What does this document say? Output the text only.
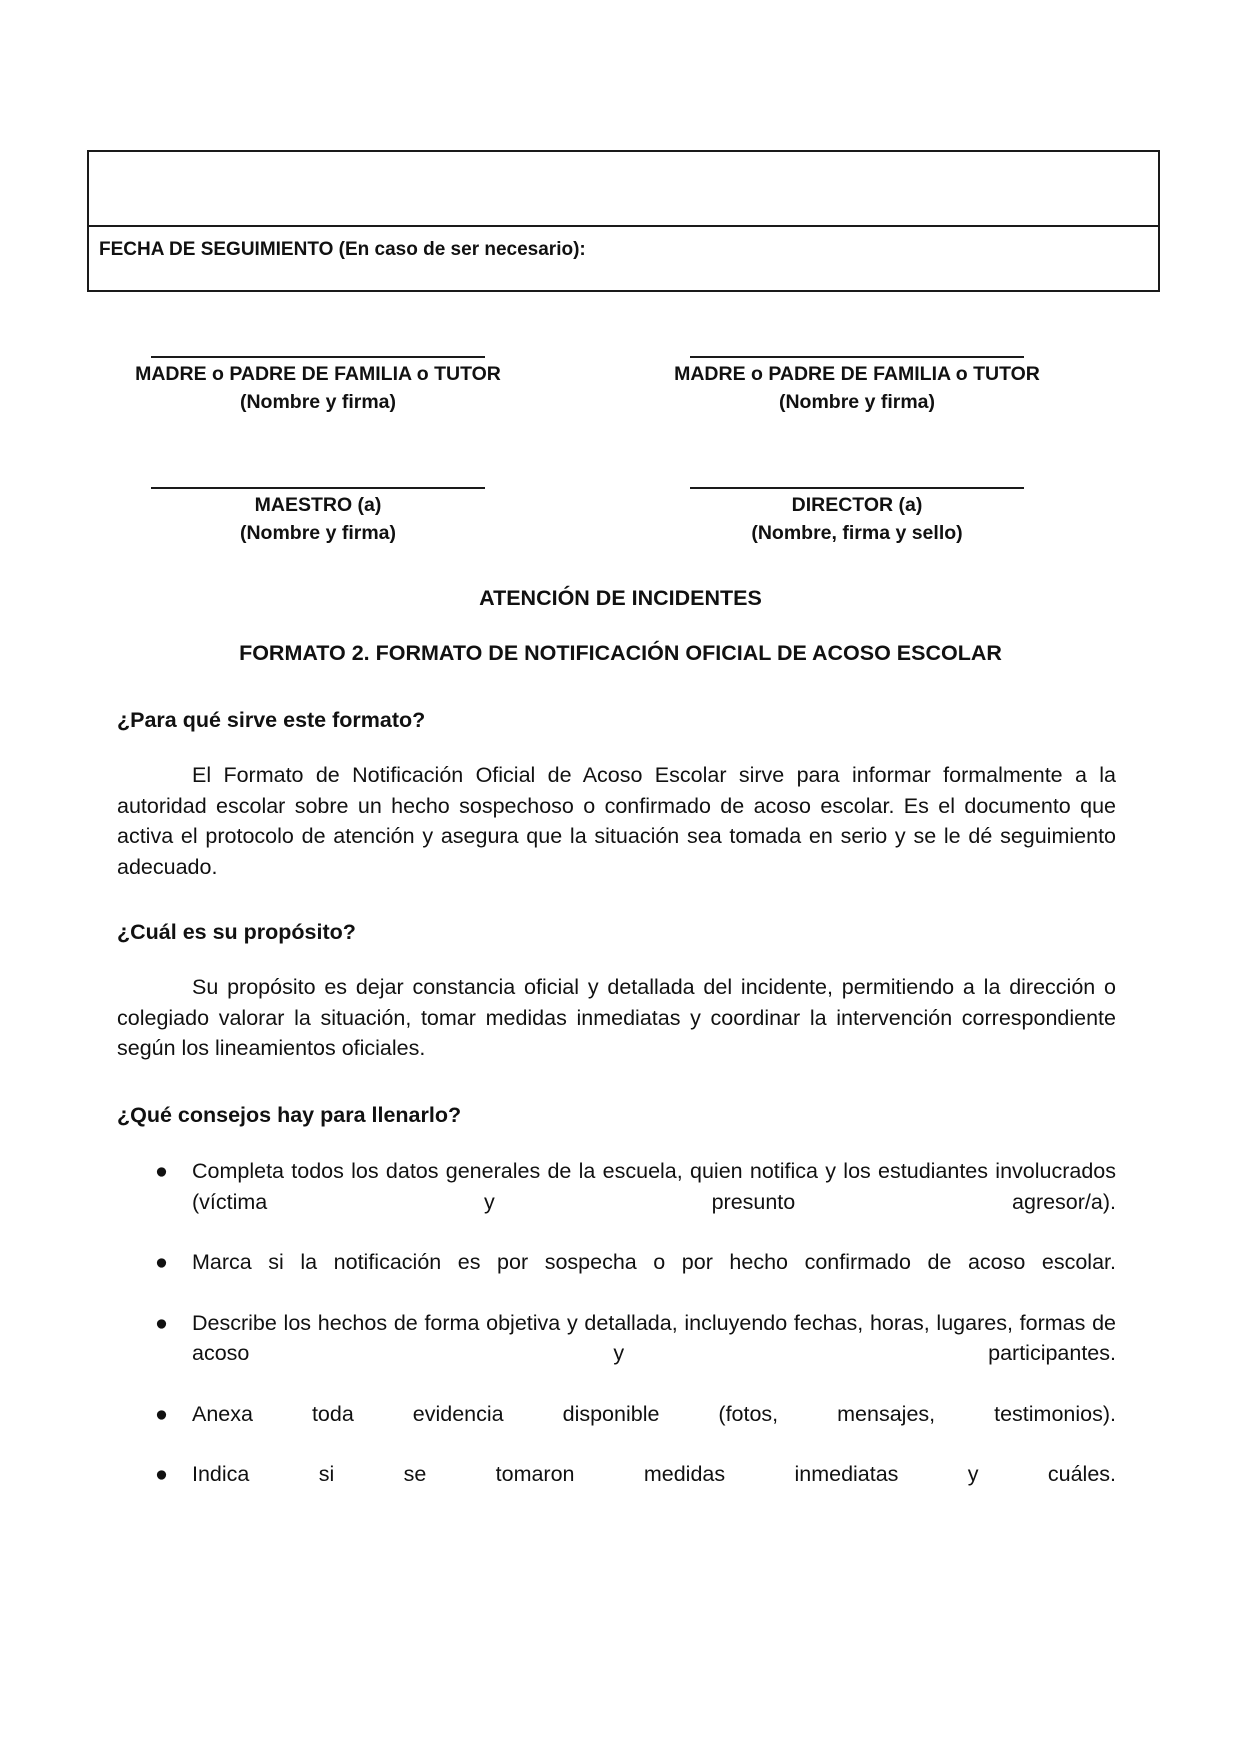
FECHA DE SEGUIMIENTO (En caso de ser necesario):
MADRE o PADRE DE FAMILIA o TUTOR
(Nombre y firma)
MADRE o PADRE DE FAMILIA o TUTOR
(Nombre y firma)
MAESTRO (a)
(Nombre y firma)
DIRECTOR (a)
(Nombre, firma y sello)
ATENCIÓN DE INCIDENTES
FORMATO 2. FORMATO DE NOTIFICACIÓN OFICIAL DE ACOSO ESCOLAR
¿Para qué sirve este formato?

El Formato de Notificación Oficial de Acoso Escolar sirve para informar formalmente a la autoridad escolar sobre un hecho sospechoso o confirmado de acoso escolar. Es el documento que activa el protocolo de atención y asegura que la situación sea tomada en serio y se le dé seguimiento adecuado.

¿Cuál es su propósito?

Su propósito es dejar constancia oficial y detallada del incidente, permitiendo a la dirección o colegiado valorar la situación, tomar medidas inmediatas y coordinar la intervención correspondiente según los lineamientos oficiales.

¿Qué consejos hay para llenarlo?
● Completa todos los datos generales de la escuela, quien notifica y los estudiantes involucrados (víctima y presunto agresor/a).
● Marca si la notificación es por sospecha o por hecho confirmado de acoso escolar.
● Describe los hechos de forma objetiva y detallada, incluyendo fechas, horas, lugares, formas de acoso y participantes.
● Anexa toda evidencia disponible (fotos, mensajes, testimonios).
● Indica si se tomaron medidas inmediatas y cuáles.
